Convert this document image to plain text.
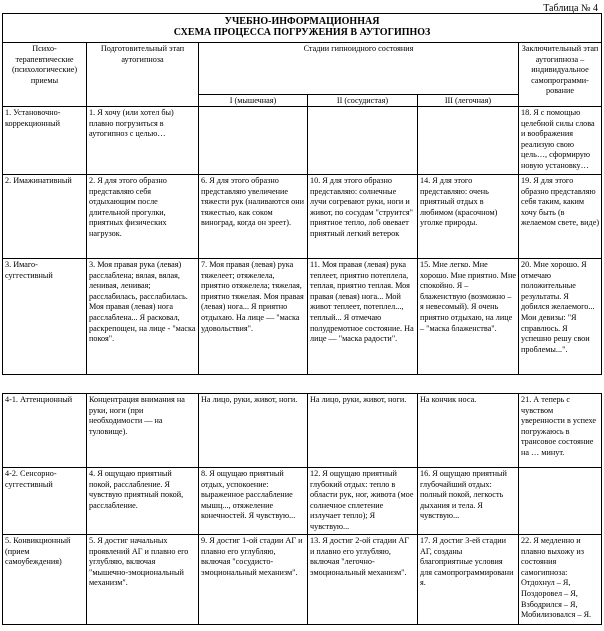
Таблица № 4
УЧЕБНО-ИНФОРМАЦИОННАЯ
СХЕМА ПРОЦЕССА ПОГРУЖЕНИЯ В АУТОГИПНОЗ					

Психо-терапевтические (психологические) приемы	Подготовительный этап аутогипноза	Стадии гипноидного состояния			Заключительный этап аутогипноза – индивидуальное самопрограмми-рование
		I (мышечная)	II (сосудистая)	III (легочная)	
1. Установочно-коррекционный	1. Я хочу (или хотел бы) плавно погрузиться в аутогипноз с целью…				18. Я с помощью целебной силы слова и воображения реализую свою цель…, сформирую новую установку…
2. Имажинативный	2. Я для этого образно представляю себя отдыхающим после длительной прогулки, приятных физических нагрузок.	6. Я для этого образно представляю увеличение тяжести рук (наливаются они тяжестью, как соком виноград, когда он зреет).	10. Я для этого образно представляю: солнечные лучи согревают руки, ноги и живот, по сосудам "струится" приятное тепло, лоб овевает приятный легкий ветерок	14. Я для этого представляю: очень приятный отдых в любимом (красочном) уголке природы.	19. Я для этого образно представляю себя таким, каким хочу быть (в желаемом свете, виде)
3. Имаго-суггестивный	3. Моя правая рука (левая) расслаблена; вялая, вялая, ленивая, ленивая; расслабилась, расслабилась. Моя правая (левая) нога расслаблена... Я расковал, раскрепощен, на лице - "маска покоя".	7. Моя правая (левая) рука тяжелеет; отяжелела, приятно отяжелела; тяжелая, приятно тяжелая. Моя правая (левая) нога... Я приятно отдыхаю. На лице — "маска удовольствия".	11. Моя правая (левая) рука теплеет, приятно потеплела, теплая, приятно теплая. Моя правая (левая) нога... Мой живот теплеет, потеплел..., теплый... Я отмечаю полудремотное состояние. На лице — "маска радости".	15. Мне легко. Мне хорошо. Мне приятно. Мне спокойно. Я – блаженствую (возможно – я невесомый). Я очень приятно отдыхаю, на лице – "маска блаженства".	20. Мне хорошо. Я отмечаю положительные результаты. Я добился желаемого... Мои девизы: "Я справлюсь. Я успешно решу свои проблемы...".
4-1. Аттенционный	Концентрация внимания на руки, ноги (при необходимости — на туловище).	На лицо, руки, живот, ноги.	На лицо, руки, живот, ноги.	На кончик носа.	21. А теперь с чувством уверенности в успехе погружаюсь в трансовое состояние на … минут.
4-2. Сенсорно-суггестивный	4. Я ощущаю приятный покой, расслабление. Я чувствую приятный покой, расслабление.	8. Я ощущаю приятный отдых, успокоение: выраженное расслабление мышц..., отяжеление конечностей. Я чувствую...	12. Я ощущаю приятный глубокий отдых: тепло в области рук, ног, живота (мое солнечное сплетение излучает тепло); Я чувствую...	16. Я ощущаю приятный глубочайший отдых: полный покой, легкость дыхания и тела. Я чувствую...	
5. Конвикционный (прием самоубеждения)	5. Я достиг начальных проявлений АГ и плавно его углубляю, включая "мышечно-эмоциональный механизм".	9. Я достиг 1-ой стадии АГ и плавно его углубляю, включая "сосудисто-эмоциональный механизм".	13. Я достиг 2-ой стадии АГ и плавно его углубляю, включая "легочно-эмоциональный механизм".	17. Я достиг 3-ей стадии АГ, созданы благоприятные условия для самопрограммировани я.	22. Я медленно и плавно выхожу из состояния самогипноза: Отдохнул – Я, Поздоровел – Я, Взбодрился – Я, Мобилизовался – Я.
